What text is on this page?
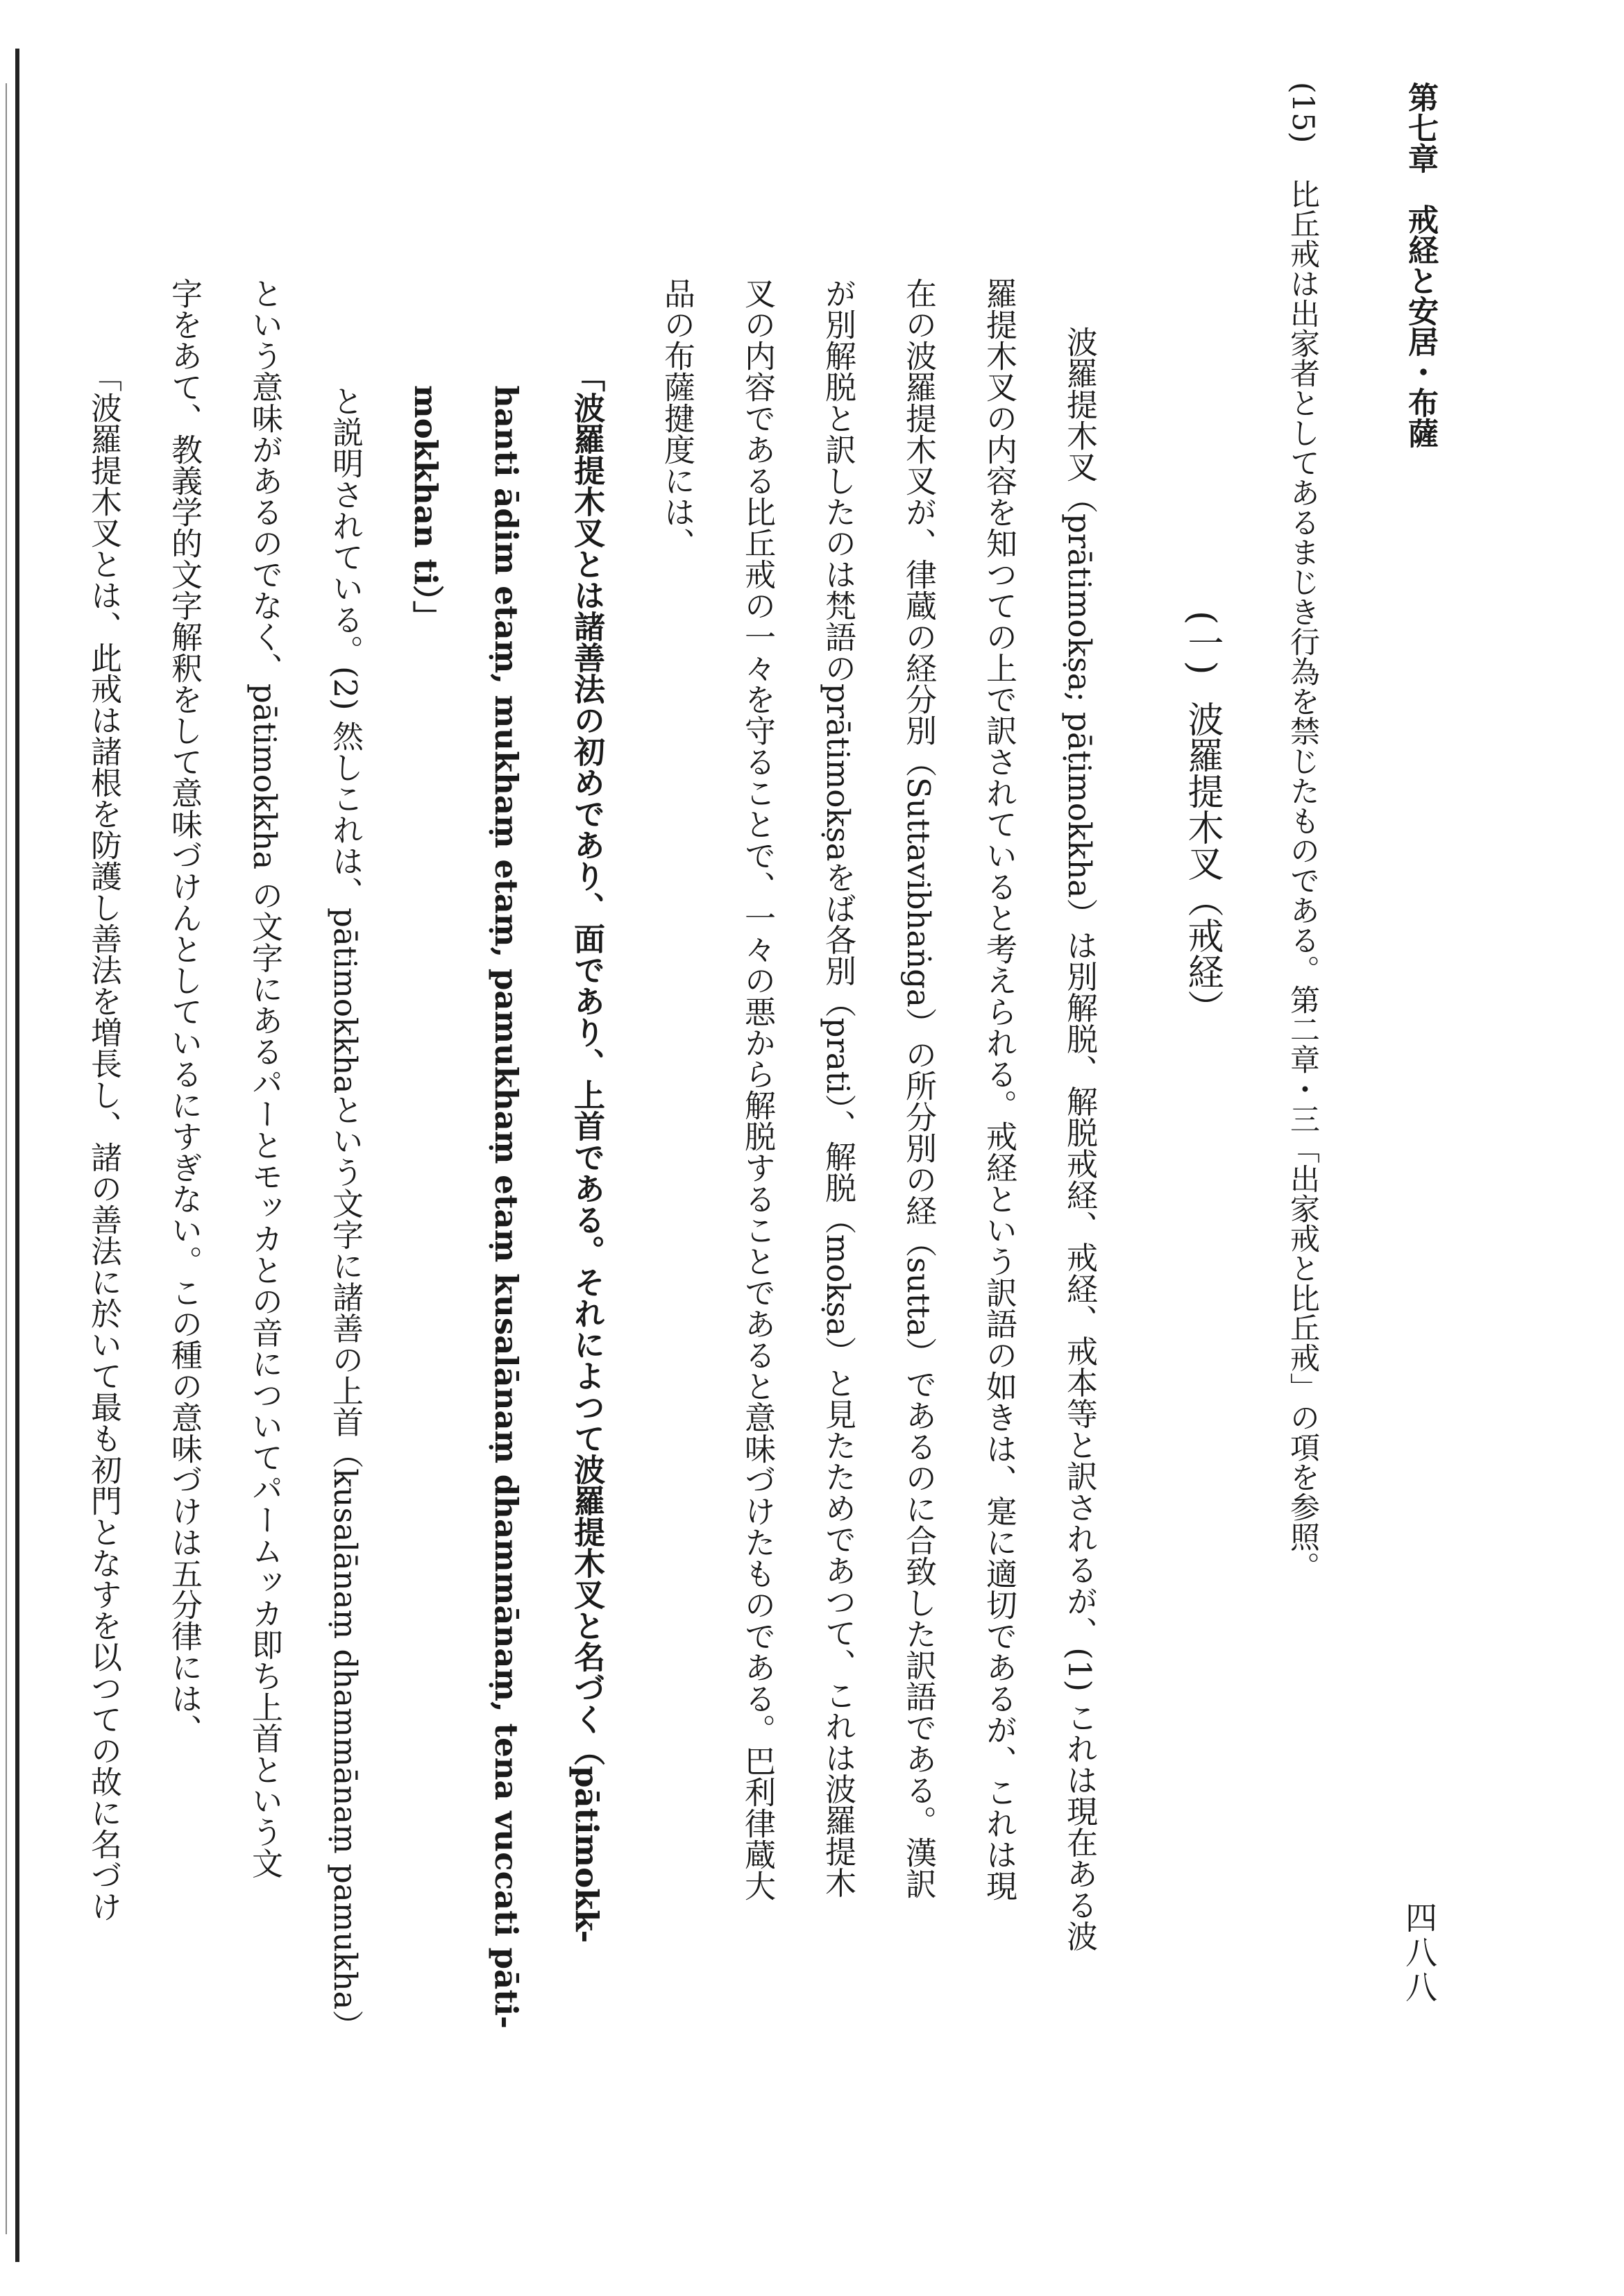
第七章　戒経と安居・布薩
四八八
(15)
比丘戒は出家者としてあるまじき行為を禁じたものである。第二章・三「出家戒と比丘戒」の項を参照。
(一)
波羅提木叉（戒経）
波羅提木叉（prātimokṣa; pāṭimokkha）は別解脱、解脱戒経、戒経、戒本等と訳されるが、(1) これは現在ある波
羅提木叉の内容を知つての上で訳されていると考えられる。戒経という訳語の如きは、寔に適切であるが、これは現
在の波羅提木叉が、律蔵の経分別（Suttavibhaṅga）の所分別の経（sutta）であるのに合致した訳語である。漢訳
が別解脱と訳したのは梵語のprātimokṣaをば各別（prati）、解脱（mokṣa）と見たためであつて、これは波羅提木
叉の内容である比丘戒の一々を守ることで、一々の悪から解脱することであると意味づけたものである。巴利律蔵大
品の布薩揵度には、
「波羅提木叉とは諸善法の初めであり、面であり、上首である。それによつて波羅提木叉と名づく（pātimokk-
hanti ādim etaṃ, mukhaṃ etaṃ, pamukhaṃ etaṃ kusalānaṃ dhammānaṃ, tena vuccati pāti-
mokkhan ti）」
と説明されている。(2) 然しこれは、pātimokkhaという文字に諸善の上首（kusalānaṃ dhammānaṃ pamukha）
という意味があるのでなく、pātimokkha の文字にあるパーとモッカとの音についてパームッカ即ち上首という文
字をあて、教義学的文字解釈をして意味づけんとしているにすぎない。この種の意味づけは五分律には、
「波羅提木叉とは、此戒は諸根を防護し善法を増長し、諸の善法に於いて最も初門となすを以つての故に名づけ
